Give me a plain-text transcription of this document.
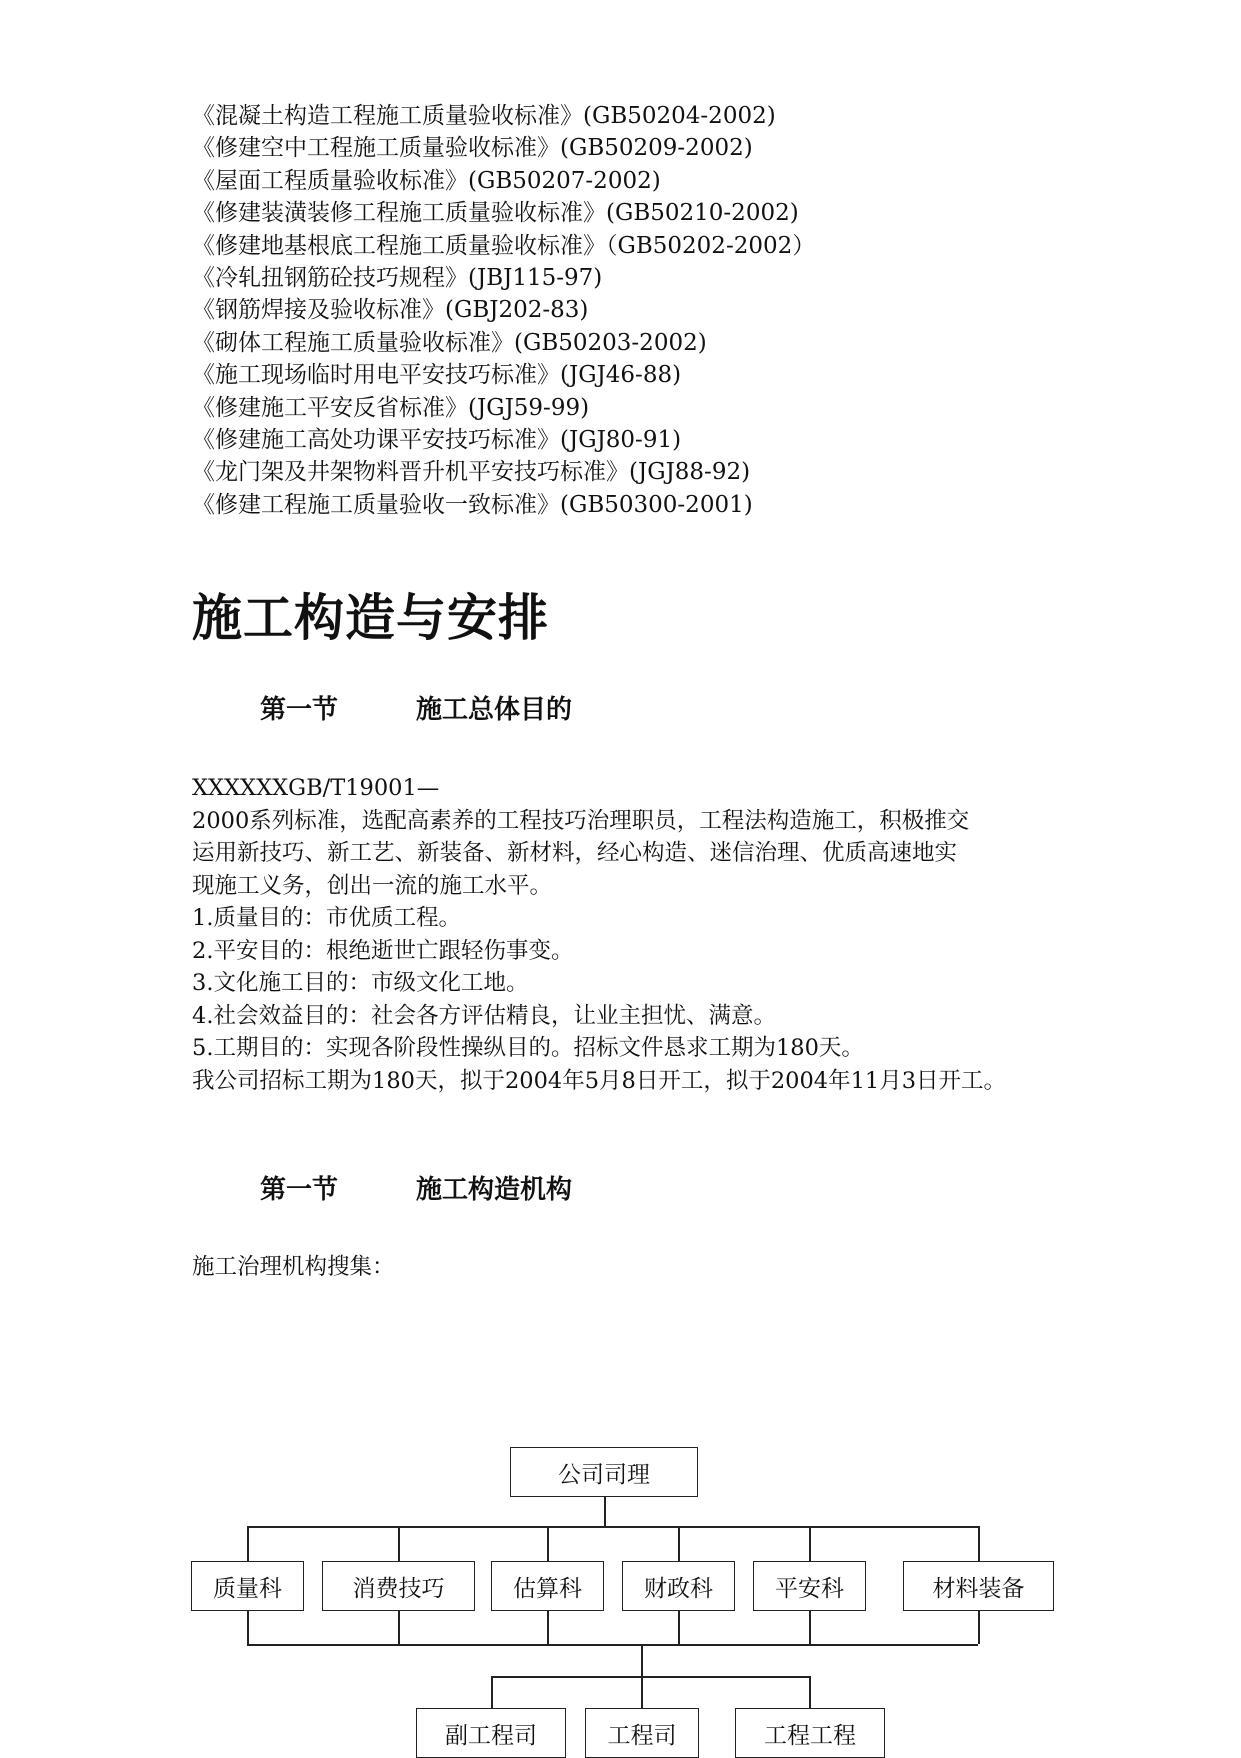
《混凝土构造工程施工质量验收标准》(GB50204-2002)
《修建空中工程施工质量验收标准》(GB50209-2002)
《屋面工程质量验收标准》(GB50207-2002)
《修建装潢装修工程施工质量验收标准》(GB50210-2002)
《修建地基根底工程施工质量验收标准》（GB50202-2002）
《冷轧扭钢筋砼技巧规程》(JBJ115-97)
《钢筋焊接及验收标准》(GBJ202-83)
《砌体工程施工质量验收标准》(GB50203-2002)
《施工现场临时用电平安技巧标准》(JGJ46-88)
《修建施工平安反省标准》(JGJ59-99)
《修建施工高处功课平安技巧标准》(JGJ80-91)
《龙门架及井架物料晋升机平安技巧标准》(JGJ88-92)
《修建工程施工质量验收一致标准》(GB50300-2001)
施工构造与安排
第一节	施工总体目的

XXXXXXGB/T19001—

2000系列标准，选配高素养的工程技巧治理职员，工程法构造施工，积极推交

运用新技巧、新工艺、新装备、新材料，经心构造、迷信治理、优质高速地实

现施工义务，创出一流的施工水平。

1.质量目的：市优质工程。

2.平安目的：根绝逝世亡跟轻伤事变。

3.文化施工目的：市级文化工地。

4.社会效益目的：社会各方评估精良，让业主担忧、满意。

5.工期目的：实现各阶段性操纵目的。招标文件恳求工期为180天。

我公司招标工期为180天，拟于2004年5月8日开工，拟于2004年11月3日开工。

第一节	施工构造机构

施工治理机构搜集：

公司司理
质量科	消费技巧	估算科	财政科	平安科	材料装备
副工程司	工程司	工程工程
